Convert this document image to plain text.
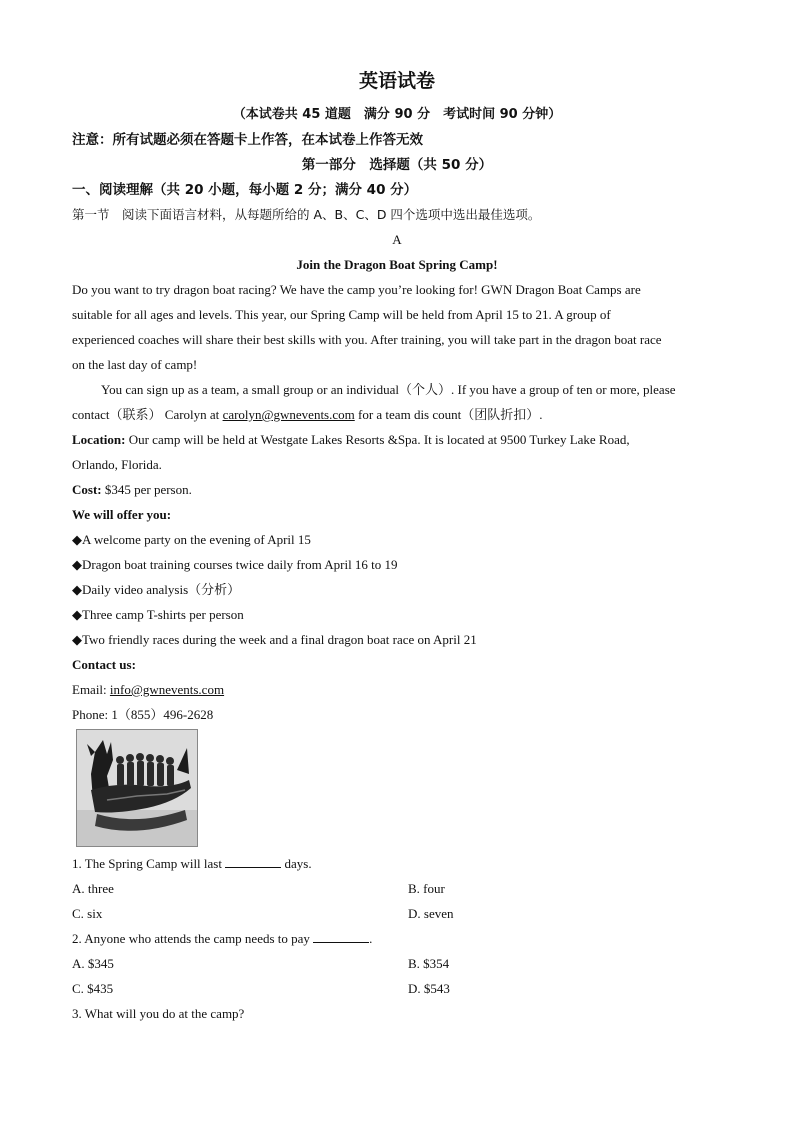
英语试卷
（本试卷共 45 道题　满分 90 分　考试时间 90 分钟）
注意：所有试题必须在答题卡上作答，在本试卷上作答无效
第一部分　选择题（共 50 分）
一、阅读理解（共 20 小题，每小题 2 分；满分 40 分）
第一节　阅读下面语言材料，从每题所给的 A、B、C、D 四个选项中选出最佳选项。
A
Join the Dragon Boat Spring Camp!
Do you want to try dragon boat racing? We have the camp you’re looking for! GWN Dragon Boat Camps are
suitable for all ages and levels. This year, our Spring Camp will be held from April 15 to 21. A group of
experienced coaches will share their best skills with you. After training, you will take part in the dragon boat race
on the last day of camp!
You can sign up as a team, a small group or an individual（个人）. If you have a group of ten or more, please
contact（联系） Carolyn at carolyn@gwnevents.com for a team dis count（团队折扣）.
Location: Our camp will be held at Westgate Lakes Resorts &Spa. It is located at 9500 Turkey Lake Road,
Orlando, Florida.
Cost: $345 per person.
We will offer you:
◆A welcome party on the evening of April 15
◆Dragon boat training courses twice daily from April 16 to 19
◆Daily video analysis（分析）
◆Three camp T-shirts per person
◆Two friendly races during the week and a final dragon boat race on April 21
Contact us:
Email: info@gwnevents.com
Phone: 1（855）496-2628
1. The Spring Camp will last	days.
A. three	B. four
C. six	D. seven
2. Anyone who attends the camp needs to pay	.
A. $345	B. $354
C. $435	D. $543
3. What will you do at the camp?
